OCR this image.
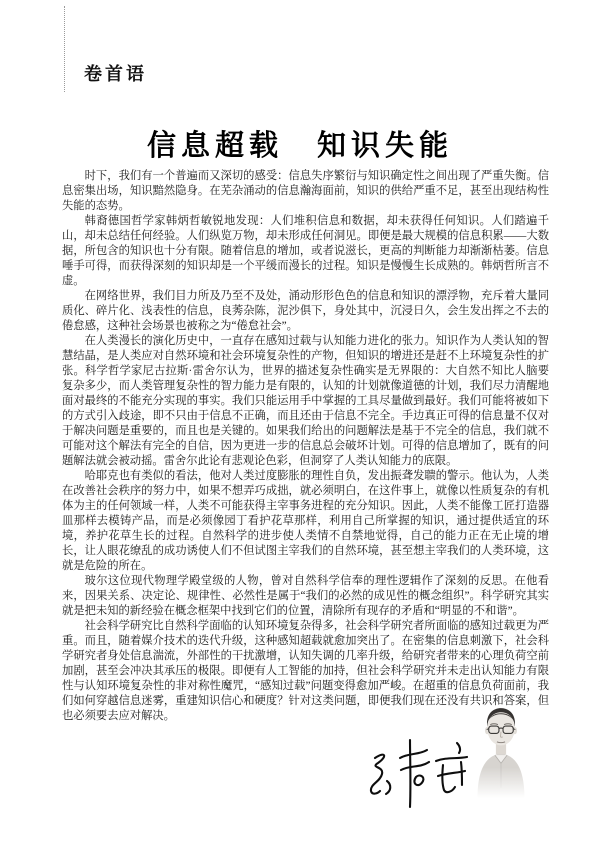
卷首语
信息超载 知识失能

时下，我们有一个普遍而又深切的感受：信息失序繁衍与知识确定性之间出现了严重失衡。信息密集出场，知识黯然隐身。在芜杂涌动的信息瀚海面前，知识的供给严重不足，甚至出现结构性失能的态势。

韩裔德国哲学家韩炳哲敏锐地发现：人们堆积信息和数据，却未获得任何知识。人们踏遍千山，却未总结任何经验。人们纵览万物，却未形成任何洞见。即便是最大规模的信息积累——大数据，所包含的知识也十分有限。随着信息的增加，或者说滋长，更高的判断能力却渐渐枯萎。信息唾手可得，而获得深刻的知识却是一个平缓而漫长的过程。知识是慢慢生长成熟的。韩炳哲所言不虚。

在网络世界，我们目力所及乃至不及处，涌动形形色色的信息和知识的漂浮物，充斥着大量同质化、碎片化、浅表性的信息，良莠杂陈，泥沙俱下，身处其中，沉浸日久，会生发出挥之不去的倦怠感，这种社会场景也被称之为“倦怠社会”。

在人类漫长的演化历史中，一直存在感知过载与认知能力进化的张力。知识作为人类认知的智慧结晶，是人类应对自然环境和社会环境复杂性的产物，但知识的增进还是赶不上环境复杂性的扩张。科学哲学家尼古拉斯·雷舍尔认为，世界的描述复杂性确实是无界限的：大自然不知比人脑要复杂多少，而人类管理复杂性的智力能力是有限的，认知的计划就像道德的计划，我们尽力清醒地面对最终的不能充分实现的事实。我们只能运用手中掌握的工具尽量做到最好。我们可能将被如下的方式引入歧途，即不只由于信息不正确，而且还由于信息不完全。手边真正可得的信息量不仅对于解决问题是重要的，而且也是关键的。如果我们给出的问题解法是基于不完全的信息，我们就不可能对这个解法有完全的自信，因为更进一步的信息总会破坏计划。可得的信息增加了，既有的问题解法就会被动摇。雷舍尔此论有悲观论色彩，但洞穿了人类认知能力的底限。

哈耶克也有类似的看法，他对人类过度膨胀的理性自负，发出振聋发聩的警示。他认为，人类在改善社会秩序的努力中，如果不想弄巧成拙，就必须明白，在这件事上，就像以性质复杂的有机体为主的任何领域一样，人类不可能获得主宰事务进程的充分知识。因此，人类不能像工匠打造器皿那样去模铸产品，而是必须像园丁看护花草那样，利用自己所掌握的知识，通过提供适宜的环境，养护花草生长的过程。自然科学的进步使人类情不自禁地觉得，自己的能力正在无止境的增长，让人眼花缭乱的成功诱使人们不但试图主宰我们的自然环境，甚至想主宰我们的人类环境，这就是危险的所在。

玻尔这位现代物理学殿堂级的人物，曾对自然科学信奉的理性逻辑作了深刻的反思。在他看来，因果关系、决定论、规律性、必然性是属于“我们的必然的成见性的概念组织”。科学研究其实就是把未知的新经验在概念框架中找到它们的位置，清除所有现存的矛盾和“明显的不和谐”。

社会科学研究比自然科学面临的认知环境复杂得多，社会科学研究者所面临的感知过载更为严重。而且，随着媒介技术的迭代升级，这种感知超载就愈加突出了。在密集的信息刺激下，社会科学研究者身处信息湍流，外部性的干扰激增，认知失调的几率升级，给研究者带来的心理负荷空前加剧，甚至会冲决其承压的极限。即便有人工智能的加持，但社会科学研究并未走出认知能力有限性与认知环境复杂性的非对称性魔咒，“感知过载”问题变得愈加严峻。在超重的信息负荷面前，我们如何穿越信息迷雾，重建知识信心和硬度？针对这类问题，即便我们现在还没有共识和答案，但也必须要去应对解决。
